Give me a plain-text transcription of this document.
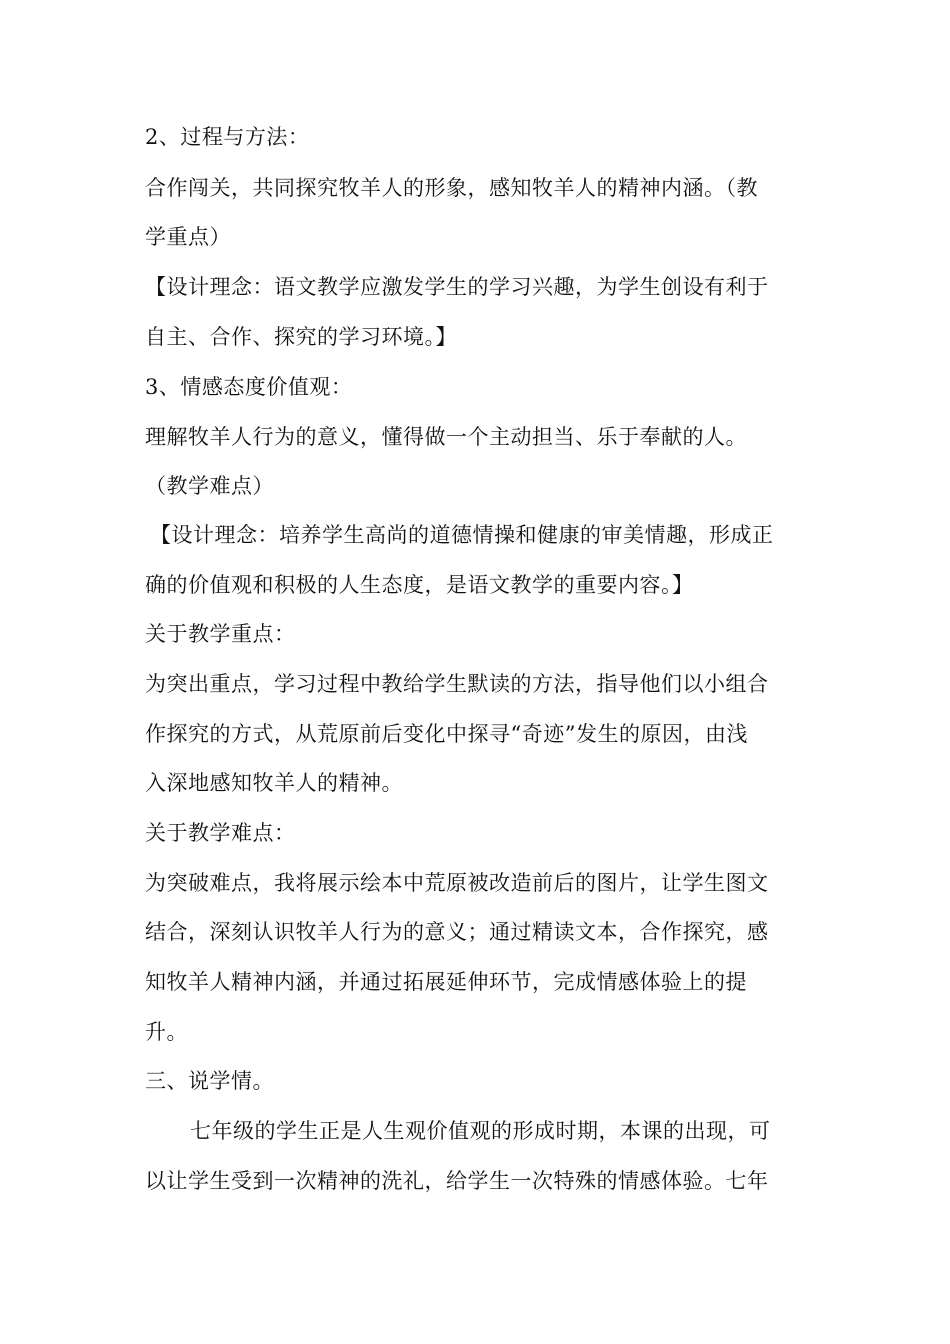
2、过程与方法：
合作闯关，共同探究牧羊人的形象，感知牧羊人的精神内涵。（教
学重点）
【设计理念：语文教学应激发学生的学习兴趣，为学生创设有利于
自主、合作、探究的学习环境。】
3、情感态度价值观：
理解牧羊人行为的意义，懂得做一个主动担当、乐于奉献的人。
（教学难点）
【设计理念：培养学生高尚的道德情操和健康的审美情趣，形成正
确的价值观和积极的人生态度，是语文教学的重要内容。】
关于教学重点：
为突出重点，学习过程中教给学生默读的方法，指导他们以小组合
作探究的方式，从荒原前后变化中探寻“奇迹”发生的原因，由浅
入深地感知牧羊人的精神。
关于教学难点：
为突破难点，我将展示绘本中荒原被改造前后的图片，让学生图文
结合，深刻认识牧羊人行为的意义；通过精读文本，合作探究，感
知牧羊人精神内涵，并通过拓展延伸环节，完成情感体验上的提
升。
三、说学情。
七年级的学生正是人生观价值观的形成时期，本课的出现，可
以让学生受到一次精神的洗礼，给学生一次特殊的情感体验。七年
